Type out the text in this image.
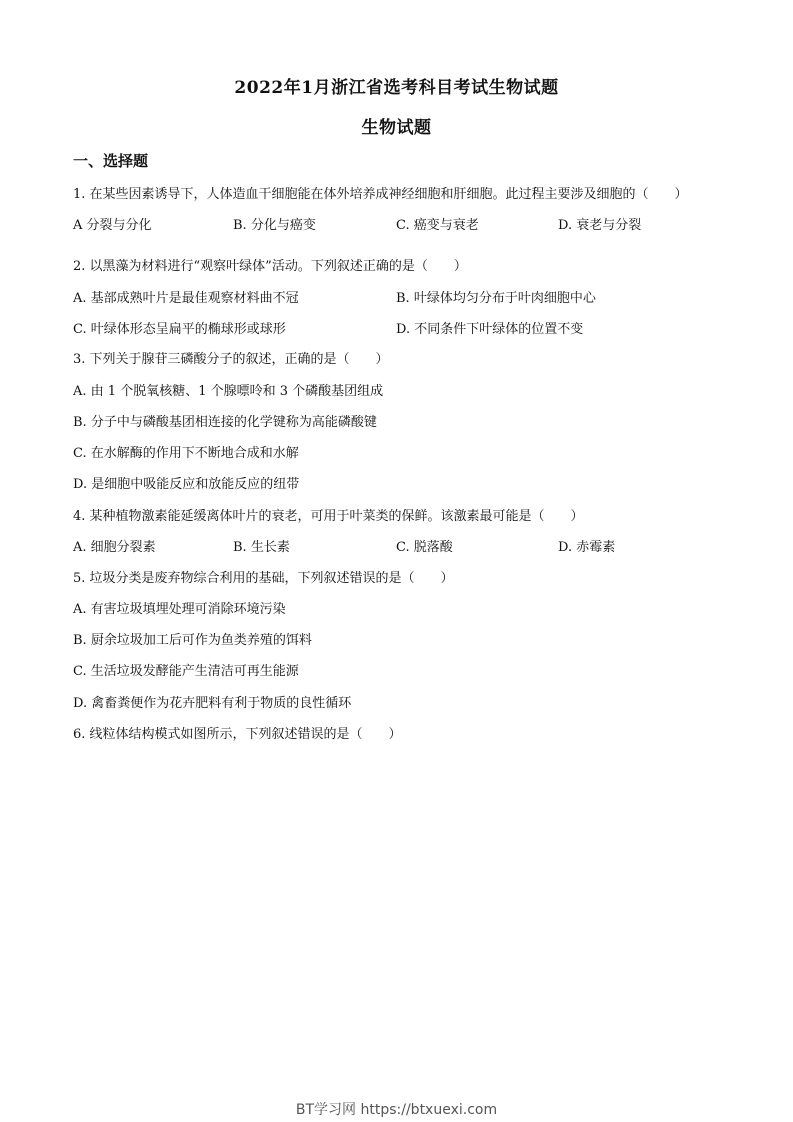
2022年1月浙江省选考科目考试生物试题
生物试题
一、选择题
1. 在某些因素诱导下，人体造血干细胞能在体外培养成神经细胞和肝细胞。此过程主要涉及细胞的（　　）
A 分裂与分化	B. 分化与癌变	C. 癌变与衰老	D. 衰老与分裂
2. 以黑藻为材料进行“观察叶绿体”活动。下列叙述正确的是（　　）
A. 基部成熟叶片是最佳观察材料曲不冠	B. 叶绿体均匀分布于叶肉细胞中心
C. 叶绿体形态呈扁平的椭球形或球形	D. 不同条件下叶绿体的位置不变
3. 下列关于腺苷三磷酸分子的叙述，正确的是（　　）
A. 由 1 个脱氧核糖、1 个腺嘌呤和 3 个磷酸基团组成
B. 分子中与磷酸基团相连接的化学键称为高能磷酸键
C. 在水解酶的作用下不断地合成和水解
D. 是细胞中吸能反应和放能反应的纽带
4. 某种植物激素能延缓离体叶片的衰老，可用于叶菜类的保鲜。该激素最可能是（　　）
A. 细胞分裂素	B. 生长素	C. 脱落酸	D. 赤霉素
5. 垃圾分类是废弃物综合利用的基础，下列叙述错误的是（　　）
A. 有害垃圾填埋处理可消除环境污染
B. 厨余垃圾加工后可作为鱼类养殖的饵料
C. 生活垃圾发酵能产生清洁可再生能源
D. 禽畜粪便作为花卉肥料有利于物质的良性循环
6. 线粒体结构模式如图所示，下列叙述错误的是（　　）
BT学习网 https://btxuexi.com
